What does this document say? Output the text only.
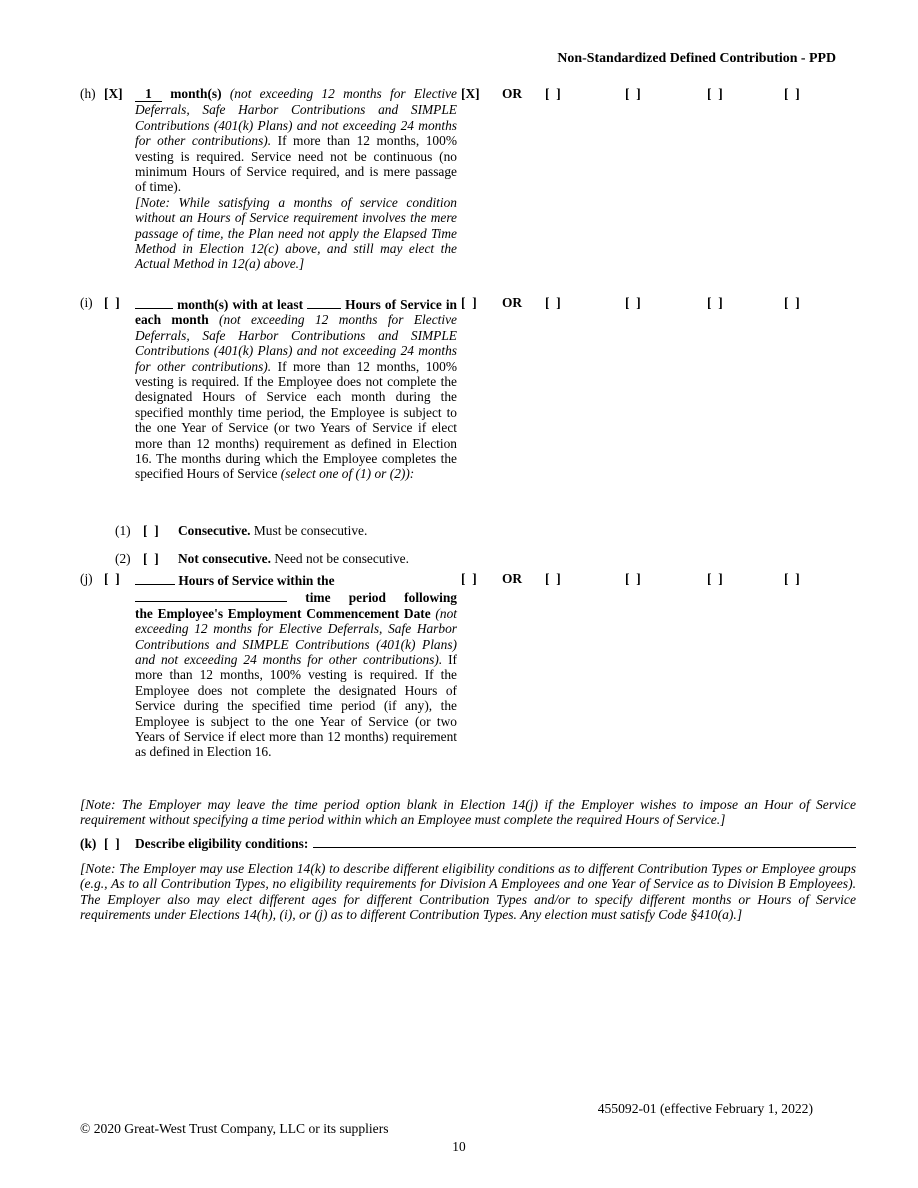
Non-Standardized Defined Contribution - PPD
(h) [X]	1 month(s) (not exceeding 12 months for Elective Deferrals, Safe Harbor Contributions and SIMPLE Contributions (401(k) Plans) and not exceeding 24 months for other contributions). If more than 12 months, 100% vesting is required. Service need not be continuous (no minimum Hours of Service required, and is mere passage of time).
[Note: While satisfying a months of service condition without an Hours of Service requirement involves the mere passage of time, the Plan need not apply the Elapsed Time Method in Election 12(c) above, and still may elect the Actual Method in 12(a) above.]
[X] OR [ ]	[ ]	[ ]	[ ]
(i) [ ]	month(s) with at least	Hours of Service in each month (not exceeding 12 months for Elective Deferrals, Safe Harbor Contributions and SIMPLE Contributions (401(k) Plans) and not exceeding 24 months for other contributions). If more than 12 months, 100% vesting is required. If the Employee does not complete the designated Hours of Service each month during the specified monthly time period, the Employee is subject to the one Year of Service (or two Years of Service if elect more than 12 months) requirement as defined in Election 16. The months during which the Employee completes the specified Hours of Service (select one of (1) or (2)):
[ ] OR [ ]	[ ]	[ ]	[ ]
(1) [ ] Consecutive. Must be consecutive.
(2) [ ] Not consecutive. Need not be consecutive.
(j) [ ]	Hours of Service within the
time period following
the Employee's Employment Commencement Date (not exceeding 12 months for Elective Deferrals, Safe Harbor Contributions and SIMPLE Contributions (401(k) Plans) and not exceeding 24 months for other contributions). If more than 12 months, 100% vesting is required. If the Employee does not complete the designated Hours of Service during the specified time period (if any), the Employee is subject to the one Year of Service (or two Years of Service if elect more than 12 months) requirement as defined in Election 16.
[ ] OR [ ]	[ ]	[ ]	[ ]
[Note: The Employer may leave the time period option blank in Election 14(j) if the Employer wishes to impose an Hour of Service requirement without specifying a time period within which an Employee must complete the required Hours of Service.]
(k) [ ]	Describe eligibility conditions:
[Note: The Employer may use Election 14(k) to describe different eligibility conditions as to different Contribution Types or Employee groups (e.g., As to all Contribution Types, no eligibility requirements for Division A Employees and one Year of Service as to Division B Employees). The Employer also may elect different ages for different Contribution Types and/or to specify different months or Hours of Service requirements under Elections 14(h), (i), or (j) as to different Contribution Types. Any election must satisfy Code §410(a).]
455092-01 (effective February 1, 2022)
© 2020 Great-West Trust Company, LLC or its suppliers
10
